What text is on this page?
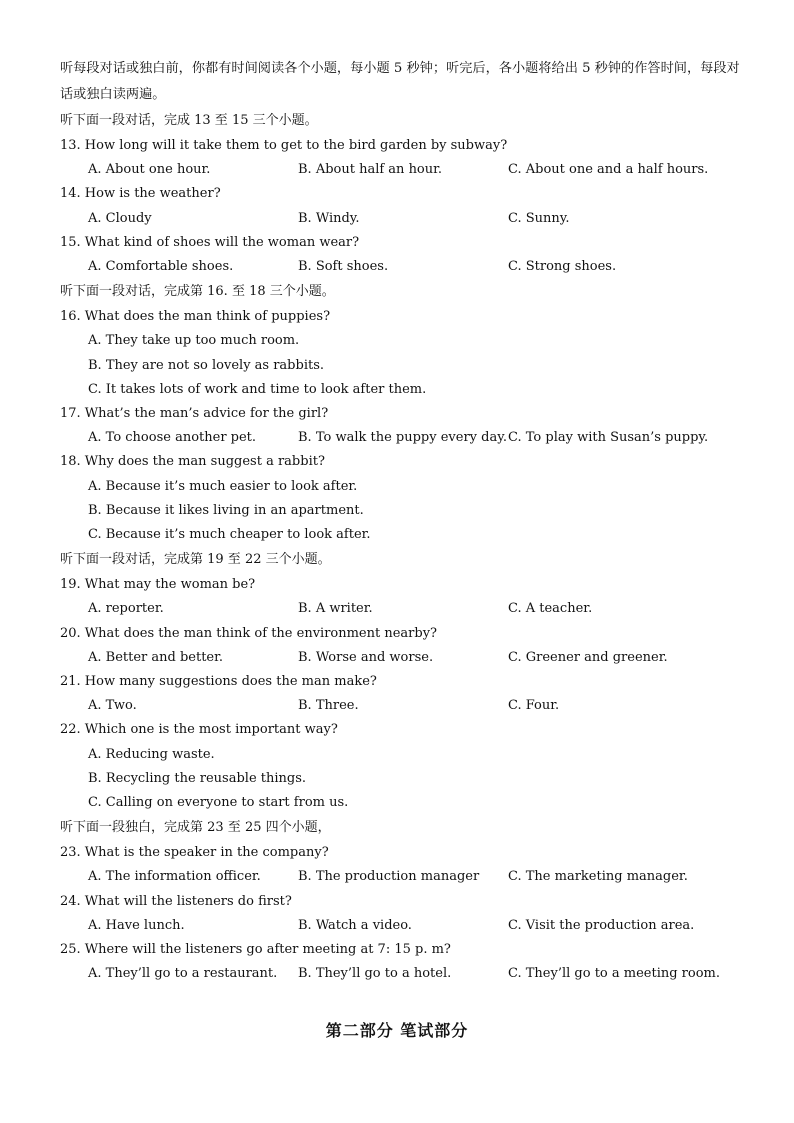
听每段对话或独白前，你都有时间阅读各个小题，每小题 5 秒钟；听完后，各小题将给出 5 秒钟的作答时间，每段对话或独白读两遍。
听下面一段对话，完成 13 至 15 三个小题。
13. How long will it take them to get to the bird garden by subway?
A. About one hour.	B. About half an hour.	C. About one and a half hours.
14. How is the weather?
A. Cloudy	B. Windy.	C. Sunny.
15. What kind of shoes will the woman wear?
A. Comfortable shoes.	B. Soft shoes.	C. Strong shoes.
听下面一段对话，完成第 16. 至 18 三个小题。
16. What does the man think of puppies?
A. They take up too much room.
B. They are not so lovely as rabbits.
C. It takes lots of work and time to look after them.
17. What’s the man’s advice for the girl?
A. To choose another pet.	B. To walk the puppy every day. C. To play with Susan’s puppy.
18. Why does the man suggest a rabbit?
A. Because it’s much easier to look after.
B. Because it likes living in an apartment.
C. Because it’s much cheaper to look after.
听下面一段对话，完成第 19 至 22 三个小题。
19. What may the woman be?
A. reporter.	B. A writer.	C. A teacher.
20. What does the man think of the environment nearby?
A. Better and better.	B. Worse and worse.	C. Greener and greener.
21. How many suggestions does the man make?
A. Two.	B. Three.	C. Four.
22. Which one is the most important way?
A. Reducing waste.
B. Recycling the reusable things.
C. Calling on everyone to start from us.
听下面一段独白，完成第 23 至 25 四个小题，
23. What is the speaker in the company?
A. The information officer.	B. The production manager	C. The marketing manager.
24. What will the listeners do first?
A. Have lunch.	B. Watch a video.	C. Visit the production area.
25. Where will the listeners go after meeting at 7: 15 p. m?
A. They’ll go to a restaurant.	B. They’ll go to a hotel.	C. They’ll go to a meeting room.
第二部分 笔试部分
